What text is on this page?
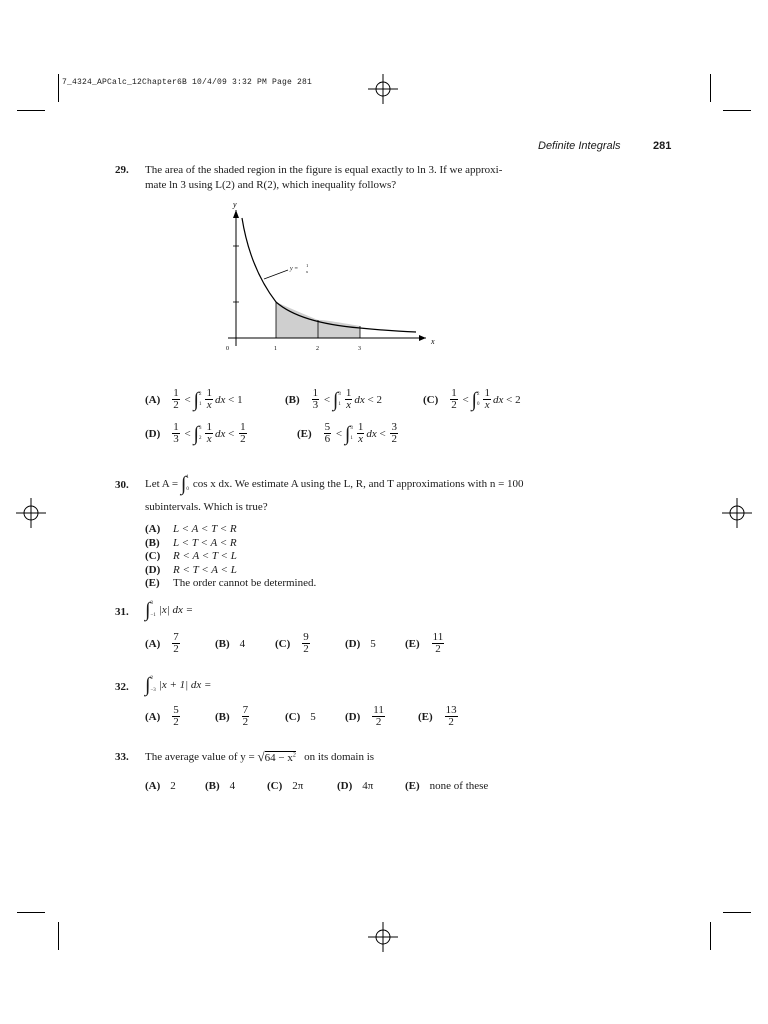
7_4324_APCalc_12Chapter6B 10/4/09 3:32 PM Page 281
Definite Integrals	281
29. The area of the shaded region in the figure is equal exactly to ln 3. If we approxi-
mate ln 3 using L(2) and R(2), which inequality follows?
y =
1
x
x
y
0	1	2	3
$(A) \frac{1}{2}$ < ∫ 2
$1 \frac{1}{x}$ dx
< 1	$(B) \frac{1}{3}$ < ∫ 3
$1 \frac{1}{x}$ dx
< 2	$(C) \frac{1}{2}$ < ∫ 2
$0 \frac{1}{x}$ dx
< 2
$(D) \frac{1}{3}$ < ∫ 3
$2 \frac{1}{x}$ dx < $\frac{1}{2}$	$(E) \frac{5}{6}$ < ∫ 3
$1 \frac{1}{x}$ dx < $\frac{3}{2}$
30. Let A =
∫ 1
0 cos x dx. We estimate A using the L, R, and T approximations with n = 100
subintervals. Which is true?
(A) L < A < T < R
(B) L < T < A < R
(C) R < A < T < L
(D) R < T < A < L
(E) The order cannot be determined.
31. ∫ 3
−1 |x| dx =
$(A) \frac{7}{2}$	(B) 4	$(C) \frac{9}{2}$	(D) 5	$(E) \frac{11}{2}$
32. ∫ 2
−3 |x + 1| dx =
$(A) \frac{5}{2}$	$(B) \frac{7}{2}$	(C) 5	$(D) \frac{11}{2}$	$(E) \frac{13}{2}$
33. The average value of y =
√ $64 - x^2$
on its domain is
(A) 2	(B) 4	(C) 2π	(D) 4π	(E) none of these
